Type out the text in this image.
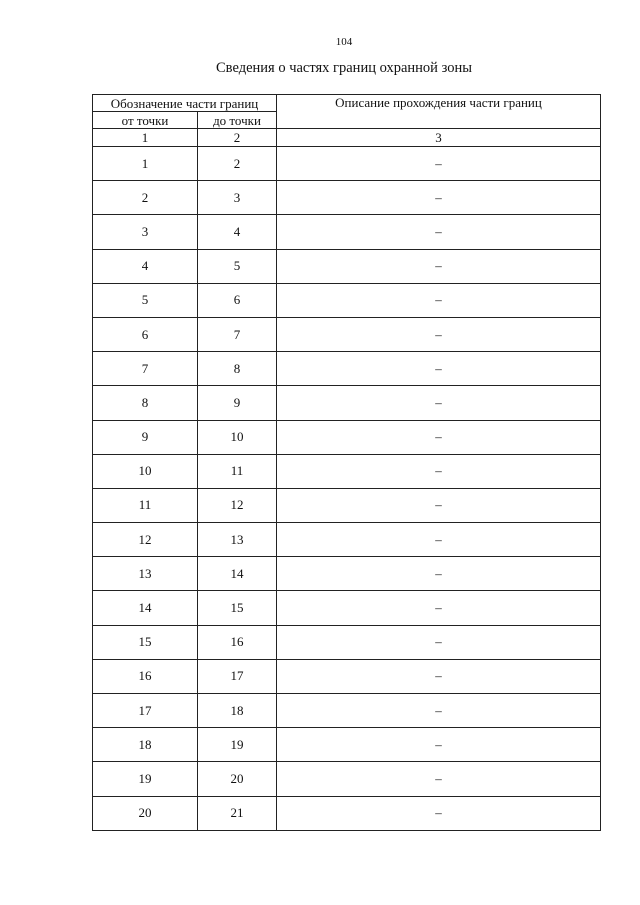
104
Сведения о частях границ охранной зоны
Обозначение части границ		Описание прохождения части границ
от точки	до точки	
1	2	3
1	2	–
2	3	–
3	4	–
4	5	–
5	6	–
6	7	–
7	8	–
8	9	–
9	10	–
10	11	–
11	12	–
12	13	–
13	14	–
14	15	–
15	16	–
16	17	–
17	18	–
18	19	–
19	20	–
20	21	–
